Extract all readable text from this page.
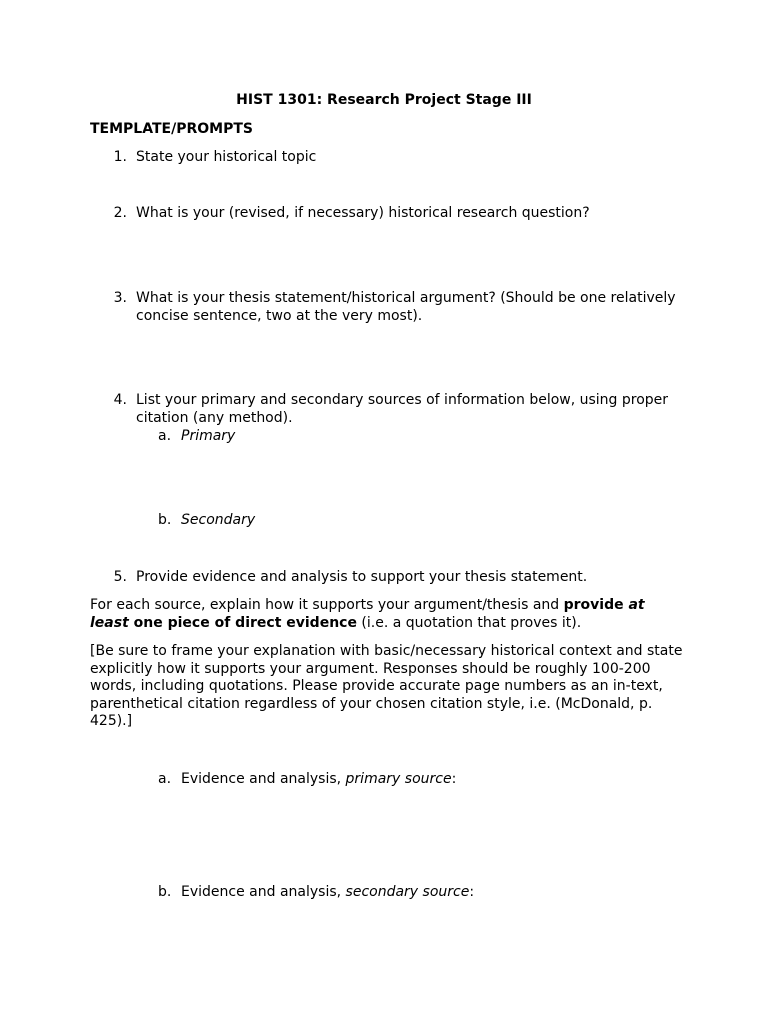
HIST 1301: Research Project Stage III
TEMPLATE/PROMPTS
1. State your historical topic
2. What is your (revised, if necessary) historical research question?
3. What is your thesis statement/historical argument? (Should be one relatively concise sentence, two at the very most).
4. List your primary and secondary sources of information below, using proper citation (any method).
a. Primary
b. Secondary
5. Provide evidence and analysis to support your thesis statement.
For each source, explain how it supports your argument/thesis and provide at least one piece of direct evidence (i.e. a quotation that proves it).
[Be sure to frame your explanation with basic/necessary historical context and state explicitly how it supports your argument. Responses should be roughly 100-200 words, including quotations. Please provide accurate page numbers as an in-text, parenthetical citation regardless of your chosen citation style, i.e. (McDonald, p. 425).]
a. Evidence and analysis, primary source:
b. Evidence and analysis, secondary source:
